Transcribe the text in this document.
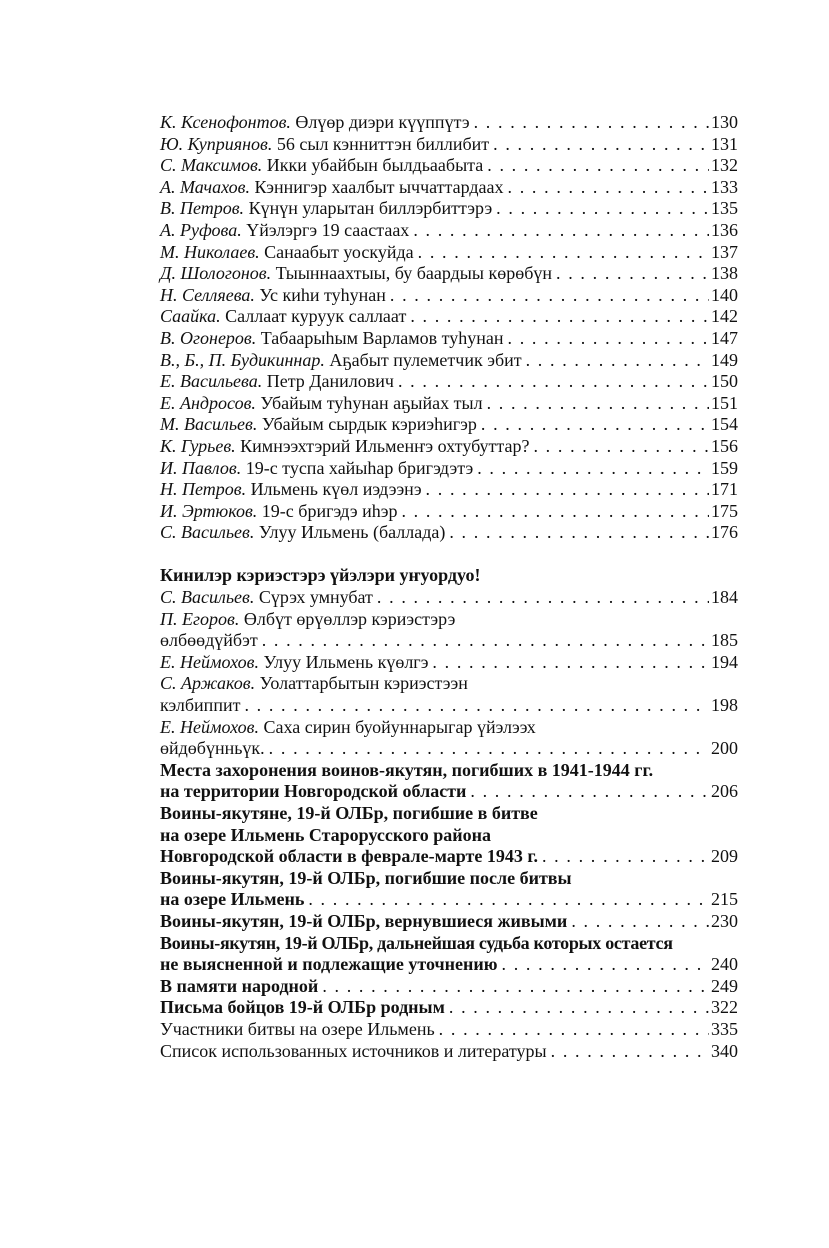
К. Ксенофонтов. Өлүөр диэри күүппүтэ . . .	130
Ю. Куприянов. 56 сыл кэнниттэн биллибит . . .	131
С. Максимов. Икки убайбын былдьаабыта . . .	132
А. Мачахов. Кэннигэр хаалбыт ыччаттардаах . . .	133
В. Петров. Күнүн уларытан биллэрбиттэрэ . . .	135
А. Руфова. Үйэлэргэ 19 саастаах . . .	136
М. Николаев. Санаабыт уоскуйда . . .	137
Д. Шологонов. Тыыннаахтыы, бу баардыы көрөбүн . . .	138
Н. Селляева. Ус киhи туhунан . . .	140
Саайка. Саллаат куруук саллаат . . .	142
В. Огонеров. Табаарыhым Варламов туhунан . . .	147
В., Б., П. Будикиннар. Аҕабыт пулеметчик эбит . . .	149
Е. Васильева. Петр Данилович . . .	150
Е. Андросов. Убайым туhунан аҕыйах тыл . . .	151
М. Васильев. Убайым сырдык кэриэhигэр . . .	154
К. Гурьев. Кимнээхтэрий Ильменҥэ охтубуттар? . . .	156
И. Павлов. 19-с туспа хайыhар бригэдэтэ . . .	159
Н. Петров. Ильмень күөл иэдээнэ . . .	171
И. Эртюков. 19-с бригэдэ иhэр . . .	175
С. Васильев. Улуу Ильмень (баллада) . . .	176
Кинилэр кэриэстэрэ үйэлэри уҥуордуо!
С. Васильев. Сүрэх умнубат . . .	184
П. Егоров. Өлбүт өрүөллэр кэриэстэрэ
өлбөөдүйбэт . . .	185
Е. Неймохов. Улуу Ильмень күөлгэ . . .	194
С. Аржаков. Уолаттарбытын кэриэстээн
кэлбиппит . . .	198
Е. Неймохов. Саха сирин буойуннарыгар үйэлээх
өйдөбүнньүк. . . .	200
Места захоронения воинов-якутян, погибших в 1941-1944 гг.
на территории Новгородской области . . .	206
Воины-якутяне, 19-й ОЛБр, погибшие в битве
на озере Ильмень Старорусского района
Новгородской области в феврале-марте 1943 г. . . .	209
Воины-якутян, 19-й ОЛБр, погибшие после битвы
на озере Ильмень . . .	215
Воины-якутян, 19-й ОЛБр, вернувшиеся живыми . . .	230
Воины-якутян, 19-й ОЛБр, дальнейшая судьба которых остается
не выясненной и подлежащие уточнению . . .	240
В памяти народной . . .	249
Письма бойцов 19-й ОЛБр родным . . .	322
Участники битвы на озере Ильмень . . .	335
Список использованных источников и литературы . . .	340
